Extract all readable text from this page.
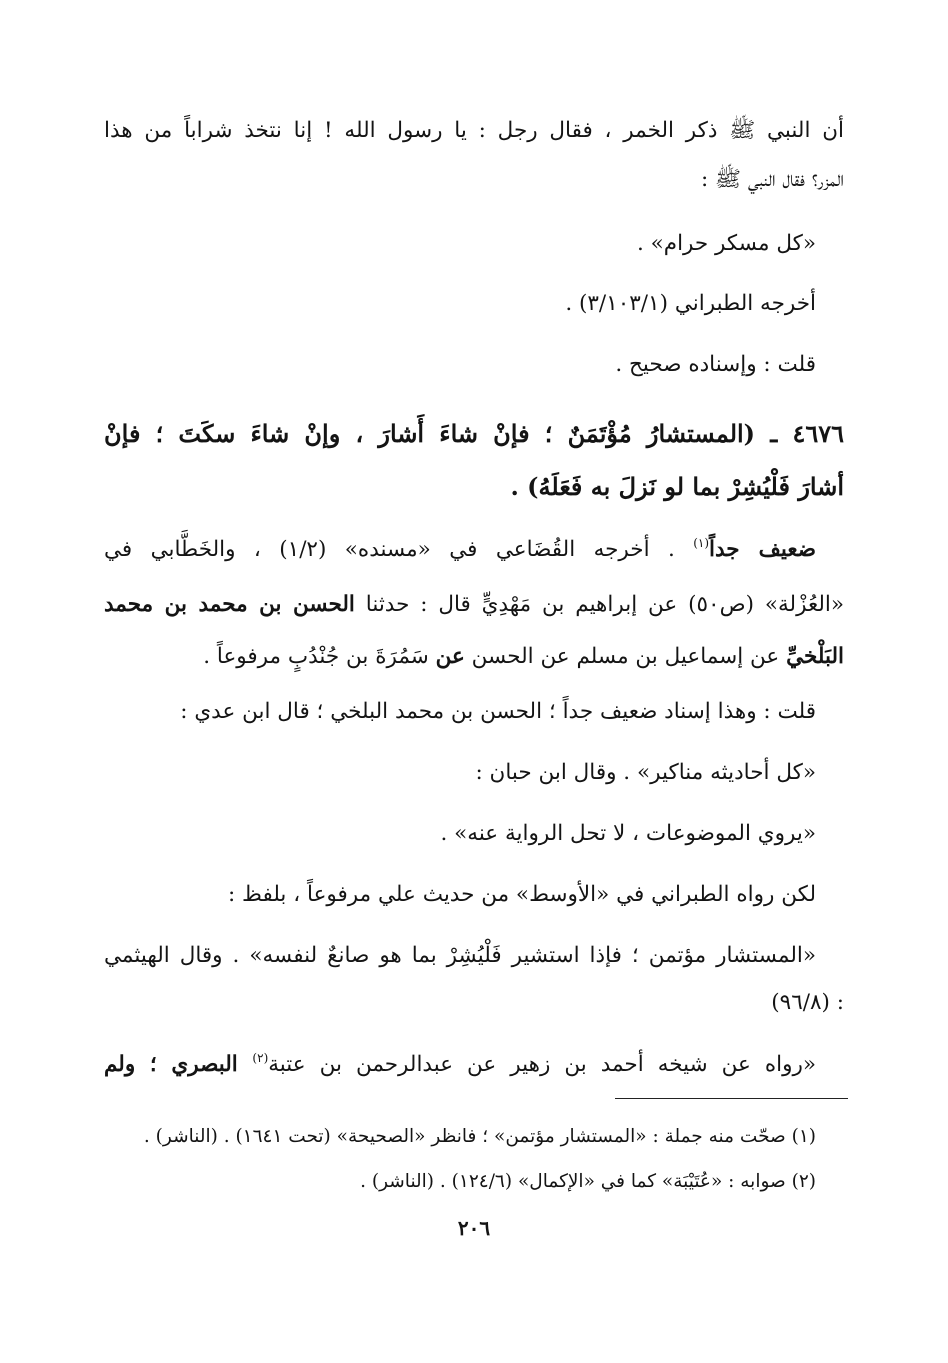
أن النبي ﷺ ذكر الخمر ، فقال رجل : يا رسول الله ! إنا نتخذ شراباً من هذا
المزر؟ فقال النبي ﷺ :
«كل مسكر حرام» .
أخرجه الطبراني (٣/١٠٣/١) .
قلت : وإسناده صحيح .
٤٦٧٦ ـ (المستشارُ مُؤْتَمَنٌ ؛ فإنْ شاءَ أَشارَ ، وإنْ شاءَ سكَتَ ؛ فإنْ
أشارَ فَلْيُشِرْ بما لو نَزلَ به فَعَلَهُ) .
ضعيف جداً$^{(١)}$ . أخرجه القُضَاعي في «مسنده» (١/٢) ، والخَطَّابي في
«العُزْلة» (ص٥٠) عن إبراهيم بن مَهْدِيٍّ قال : حدثنا الحسن بن محمد بن محمد
البَلْخيِّ عن إسماعيل بن مسلم عن الحسن عن سَمُرَةَ بن جُنْدُبٍ مرفوعاً .
قلت : وهذا إسناد ضعيف جداً ؛ الحسن بن محمد البلخي ؛ قال ابن عدي :
«كل أحاديثه مناكير» . وقال ابن حبان :
«يروي الموضوعات ، لا تحل الرواية عنه» .
لكن رواه الطبراني في «الأوسط» من حديث علي مرفوعاً ، بلفظ :
«المستشار مؤتمن ؛ فإذا استشير فَلْيُشِرْ بما هو صانعٌ لنفسه» . وقال الهيثمي
: (٩٦/٨)
«رواه عن شيخه أحمد بن زهير عن عبدالرحمن بن عتبة$^{(٢)}$ البصري ؛ ولم
(١) صحّت منه جملة : «المستشار مؤتمن» ؛ فانظر «الصحيحة» (تحت ١٦٤١) . (الناشر) .
(٢) صوابه : «عُتَيْبَة» كما في «الإكمال» (١٢٤/٦) . (الناشر) .
٢٠٦
